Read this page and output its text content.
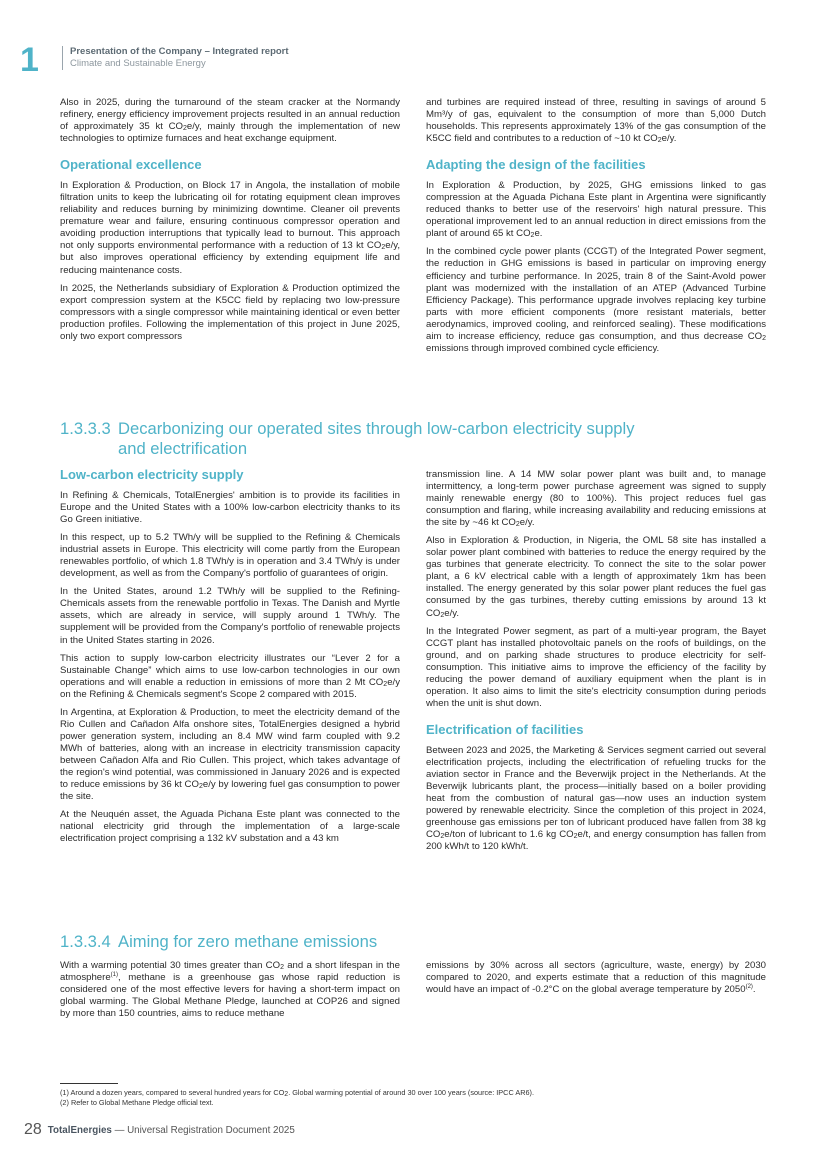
1	Presentation of the Company – Integrated report
Climate and Sustainable Energy

Also in 2025, during the turnaround of the steam cracker at the Normandy refinery, energy efficiency improvement projects resulted in an annual reduction of approximately 35 kt $CO_2e/y$, mainly through the implementation of new technologies to optimize furnaces and heat exchange equipment.

Operational excellence

In Exploration & Production, on Block 17 in Angola, the installation of mobile filtration units to keep the lubricating oil for rotating equipment clean improves reliability and reduces burning by minimizing downtime. Cleaner oil prevents premature wear and failure, ensuring continuous compressor operation and avoiding production interruptions that typically lead to burnout. This approach not only supports environmental performance with a reduction of 13 kt $CO_2e/y$, but also improves operational efficiency by extending equipment life and reducing maintenance costs.

In 2025, the Netherlands subsidiary of Exploration & Production optimized the export compression system at the K5CC field by replacing two low-pressure compressors with a single compressor while maintaining identical or even better production profiles. Following the implementation of this project in June 2025, only two export compressors

and turbines are required instead of three, resulting in savings of around 5 Mm³/y of gas, equivalent to the consumption of more than 5,000 Dutch households. This represents approximately 13% of the gas consumption of the K5CC field and contributes to a reduction of ~10 kt $CO_2e/y$.

Adapting the design of the facilities

In Exploration & Production, by 2025, GHG emissions linked to gas compression at the Aguada Pichana Este plant in Argentina were significantly reduced thanks to better use of the reservoirs' high natural pressure. This operational improvement led to an annual reduction in direct emissions from the plant of around 65 kt $CO_2e$.

In the combined cycle power plants (CCGT) of the Integrated Power segment, the reduction in GHG emissions is based in particular on improving energy efficiency and turbine performance. In 2025, train 8 of the Saint-Avold power plant was modernized with the installation of an ATEP (Advanced Turbine Efficiency Package). This performance upgrade involves replacing key turbine parts with more efficient components (more resistant materials, better aerodynamics, improved cooling, and reinforced sealing). These modifications aim to increase efficiency, reduce gas consumption, and thus decrease $CO_2$ emissions through improved combined cycle efficiency.

1.3.3.3 Decarbonizing our operated sites through low-carbon electricity supply
and electrification
Low-carbon electricity supply

In Refining & Chemicals, TotalEnergies' ambition is to provide its facilities in Europe and the United States with a 100% low-carbon electricity thanks to its Go Green initiative.

In this respect, up to 5.2 TWh/y will be supplied to the Refining & Chemicals industrial assets in Europe. This electricity will come partly from the European renewables portfolio, of which 1.8 TWh/y is in operation and 3.4 TWh/y is under development, as well as from the Company's portfolio of guarantees of origin.

In the United States, around 1.2 TWh/y will be supplied to the Refining-Chemicals assets from the renewable portfolio in Texas. The Danish and Myrtle assets, which are already in service, will supply around 1 TWh/y. The supplement will be provided from the Company's portfolio of renewable projects in the United States starting in 2026.

This action to supply low-carbon electricity illustrates our “Lever 2 for a Sustainable Change” which aims to use low-carbon technologies in our own operations and will enable a reduction in emissions of more than 2 Mt $CO_2e/y$ on the Refining & Chemicals segment's Scope 2 compared with 2015.

In Argentina, at Exploration & Production, to meet the electricity demand of the Rio Cullen and Cañadon Alfa onshore sites, TotalEnergies designed a hybrid power generation system, including an 8.4 MW wind farm coupled with 9.2 MWh of batteries, along with an increase in electricity transmission capacity between Cañadon Alfa and Rio Cullen. This project, which takes advantage of the region's wind potential, was commissioned in January 2026 and is expected to reduce emissions by 36 kt $CO_2e/y$ by lowering fuel gas consumption to power the site.

At the Neuquén asset, the Aguada Pichana Este plant was connected to the national electricity grid through the implementation of a large-scale electrification project comprising a 132 kV substation and a 43 km

transmission line. A 14 MW solar power plant was built and, to manage intermittency, a long-term power purchase agreement was signed to supply mainly renewable energy (80 to 100%). This project reduces fuel gas consumption and flaring, while increasing availability and reducing emissions at the site by ~46 kt $CO_2e/y$.

Also in Exploration & Production, in Nigeria, the OML 58 site has installed a solar power plant combined with batteries to reduce the energy required by the gas turbines that generate electricity. To connect the site to the solar power plant, a 6 kV electrical cable with a length of approximately 1km has been installed. The energy generated by this solar power plant reduces the fuel gas consumed by the gas turbines, thereby cutting emissions by around 13 kt $CO_2e/y$.

In the Integrated Power segment, as part of a multi-year program, the Bayet CCGT plant has installed photovoltaic panels on the roofs of buildings, on the ground, and on parking shade structures to produce electricity for self-consumption. This initiative aims to improve the efficiency of the facility by reducing the power demand of auxiliary equipment when the plant is in operation. It also aims to limit the site's electricity consumption during periods when the unit is shut down.

Electrification of facilities

Between 2023 and 2025, the Marketing & Services segment carried out several electrification projects, including the electrification of refueling trucks for the aviation sector in France and the Beverwijk project in the Netherlands. At the Beverwijk lubricants plant, the process—initially based on a boiler providing heat from the combustion of natural gas—now uses an induction system powered by renewable electricity. Since the completion of this project in 2024, greenhouse gas emissions per ton of lubricant produced have fallen from 38 kg $CO_2e$/ton of lubricant to 1.6 kg $CO_2e/t$, and energy consumption has fallen from 200 kWh/t to 120 kWh/t.

1.3.3.4 Aiming for zero methane emissions

With a warming potential 30 times greater than $CO_2$ and a short lifespan in the atmosphere$^{(1)}$, methane is a greenhouse gas whose rapid reduction is considered one of the most effective levers for having a short-term impact on global warming. The Global Methane Pledge, launched at COP26 and signed by more than 150 countries, aims to reduce methane

emissions by 30% across all sectors (agriculture, waste, energy) by 2030 compared to 2020, and experts estimate that a reduction of this magnitude would have an impact of -0.2°C on the global average temperature by 2050$^{(2)}$.

(1) Around a dozen years, compared to several hundred years for $CO_2$. Global warming potential of around 30 over 100 years (source: IPCC AR6).
(2) Refer to Global Methane Pledge official text.
28 TotalEnergies — Universal Registration Document 2025
